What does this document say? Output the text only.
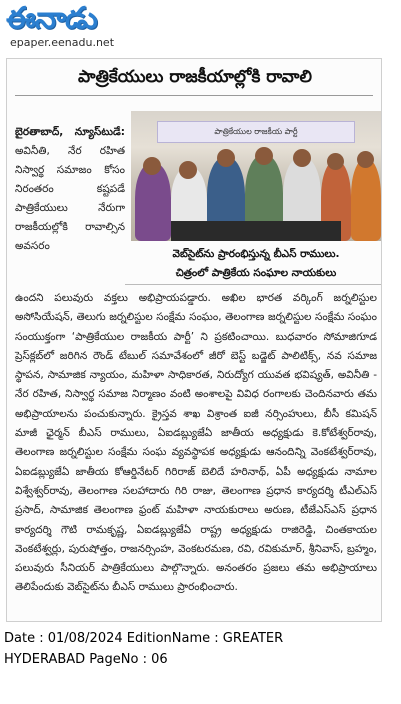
ఈనాడు
epaper.eenadu.net
పాత్రికేయులు రాజకీయాల్లోకి రావాలి
బైరతాబాద్, న్యూస్‌టుడే: అవినీతి, నేర రహిత నిస్వార్థ సమాజం కోసం నిరంతరం కష్టపడే పాత్రికేయులు నేరుగా రాజకీయల్లోకి రావాల్సిన అవసరం
పాత్రికేయుల రాజకీయ పార్టీ
వెబ్‌సైట్‌ను ప్రారంభిస్తున్న బీఎస్ రాములు.
చిత్రంలో పాత్రికేయ సంఘాల నాయకులు
ఉందని పలువురు వక్తలు అభిప్రాయపడ్డారు. అఖిల భారత వర్కింగ్ జర్నలిస్టుల అసోసియేషన్, తెలుగు జర్నలిస్టుల సంక్షేమ సంఘం, తెలంగాణ జర్నలిస్టుల సంక్షేమ సంఘం సంయుక్తంగా ‘పాత్రికేయుల రాజకీయ పార్టీ’ ని ప్రకటించాయి. బుధవారం సోమాజిగూడ ప్రెస్‌క్లబ్‌లో జరిగిన రౌండ్ టేబుల్ సమావేశంలో జీరో బెస్ట్ బడ్జెట్ పాలిటిక్స్, నవ సమాజ స్థాపన, సామాజిక న్యాయం, మహిళా సాధికారత, నిరుద్యోగ యువత భవిష్యత్, అవినీతి - నేర రహిత, నిస్వార్థ సమాజ నిర్మాణం వంటి అంశాలపై వివిధ రంగాలకు చెందినవారు తమ అభిప్రాయాలను పంచుకున్నారు. క్రైస్తవ శాఖ విశ్రాంత ఐజీ నర్సింహులు, బీసీ కమిషన్ మాజీ ఛైర్మన్ బీఎస్ రాములు, ఏఐడబ్ల్యుజేఏ జాతీయ అధ్యక్షుడు కె.కోటేశ్వర్‌రావు, తెలంగాణ జర్నలిస్టుల సంక్షేమ సంఘ వ్యవస్థాపక అధ్యక్షుడు ఆనందిన్ని వెంకటేశ్వర్‌రావు, ఏఐడబ్ల్యుజేఏ జాతీయ కోఆర్డినేటర్ గిరిరాజ్ బెలిదే హరినాథ్, ఏపీ అధ్యక్షుడు నామాల విశ్వేశ్వర్‌రావు, తెలంగాణ సలహాదారు గిరి రాజు, తెలంగాణ ప్రధాన కార్యదర్శి టీఎల్ఎస్ ప్రసాద్, సామాజిక తెలంగాణ ఫ్రంట్ మహిళా నాయకురాలు అరుణ, టీజేఎస్ఎస్ ప్రధాన కార్యదర్శి గౌటి రామకృష్ణ, ఏఐడబ్ల్యుజేఏ రాష్ట్ర అధ్యక్షుడు రాజిరెడ్డి, చింతకాయల వెంకటేశ్వర్లు, పురుషోత్తం, రాజనర్సింహ, వెంకటరమణ, రవి, రవికుమార్, శ్రీనివాస్, బ్రహ్మం, పలువురు సీనియర్ పాత్రికేయులు పాల్గొన్నారు. అనంతరం ప్రజలు తమ అభిప్రాయాలు తెలిపేందుకు వెబ్‌సైట్‌ను బీఎస్ రాములు ప్రారంభించారు.
Date : 01/08/2024 EditionName : GREATER
HYDERABAD PageNo : 06
